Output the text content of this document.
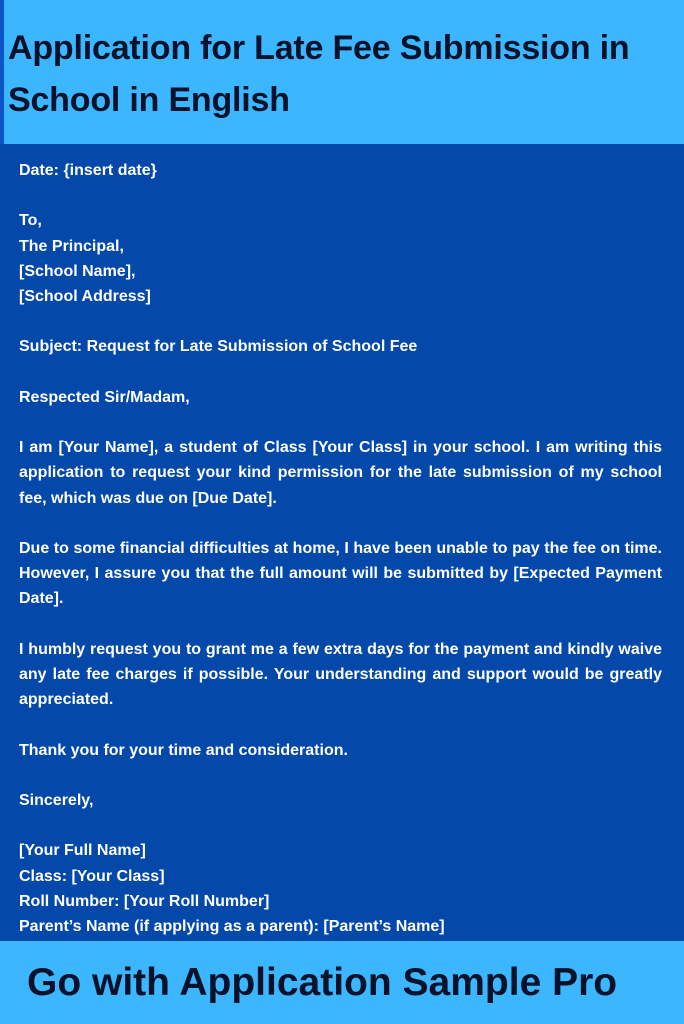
Application for Late Fee Submission in School in English

Date: {insert date}

To,

The Principal,

[School Name],

[School Address]

Subject: Request for Late Submission of School Fee

Respected Sir/Madam,

I am [Your Name], a student of Class [Your Class] in your school. I am writing this application to request your kind permission for the late submission of my school fee, which was due on [Due Date].

Due to some financial difficulties at home, I have been unable to pay the fee on time. However, I assure you that the full amount will be submitted by [Expected Payment Date].

I humbly request you to grant me a few extra days for the payment and kindly waive any late fee charges if possible. Your understanding and support would be greatly appreciated.

Thank you for your time and consideration.

Sincerely,

[Your Full Name]

Class: [Your Class]

Roll Number: [Your Roll Number]

Parent’s Name (if applying as a parent): [Parent’s Name]

Go with Application Sample Pro
